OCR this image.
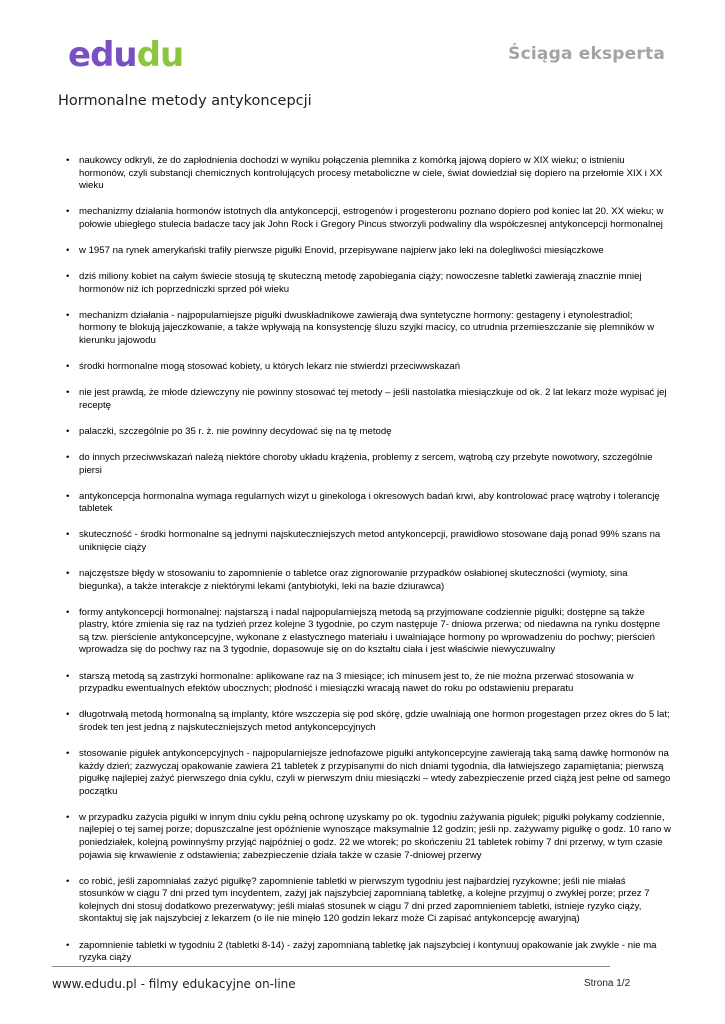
edudu	Ściąga eksperta
Hormonalne metody antykoncepcji
• naukowcy odkryli, że do zapłodnienia dochodzi w wyniku połączenia plemnika z komórką jajową dopiero w XIX wieku; o istnieniu hormonów, czyli substancji chemicznych kontrolujących procesy metaboliczne w ciele, świat dowiedział się dopiero na przełomie XIX i XX wieku
• mechanizmy działania hormonów istotnych dla antykoncepcji, estrogenów i progesteronu poznano dopiero pod koniec lat 20. XX wieku; w połowie ubiegłego stulecia badacze tacy jak John Rock i Gregory Pincus stworzyli podwaliny dla współczesnej antykoncepcji hormonalnej
• w 1957 na rynek amerykański trafiły pierwsze pigułki Enovid, przepisywane najpierw jako leki na dolegliwości miesiączkowe
• dziś miliony kobiet na całym świecie stosują tę skuteczną metodę zapobiegania ciąży; nowoczesne tabletki zawierają znacznie mniej hormonów niż ich poprzedniczki sprzed pół wieku
• mechanizm działania - najpopularniejsze pigułki dwuskładnikowe zawierają dwa syntetyczne hormony: gestageny i etynolestradiol; hormony te blokują jajeczkowanie, a także wpływają na konsystencję śluzu szyjki macicy, co utrudnia przemieszczanie się plemników w kierunku jajowodu
• środki hormonalne mogą stosować kobiety, u których lekarz nie stwierdzi przeciwwskazań
• nie jest prawdą, że młode dziewczyny nie powinny stosować tej metody – jeśli nastolatka miesiączkuje od ok. 2 lat lekarz może wypisać jej receptę
• palaczki, szczególnie po 35 r. ż. nie powinny decydować się na tę metodę
• do innych przeciwwskazań należą niektóre choroby układu krążenia, problemy z sercem, wątrobą czy przebyte nowotwory, szczególnie piersi
• antykoncepcja hormonalna wymaga regularnych wizyt u ginekologa i okresowych badań krwi, aby kontrolować pracę wątroby i tolerancję tabletek
• skuteczność - środki hormonalne są jednymi najskuteczniejszych metod antykoncepcji, prawidłowo stosowane dają ponad 99% szans na uniknięcie ciąży
• najczęstsze błędy w stosowaniu to zapomnienie o tabletce oraz zignorowanie przypadków osłabionej skuteczności (wymioty, sina biegunka), a także interakcje z niektórymi lekami (antybiotyki, leki na bazie dziurawca)
• formy antykoncepcji hormonalnej: najstarszą i nadal najpopularniejszą metodą są przyjmowane codziennie pigułki; dostępne są także plastry, które zmienia się raz na tydzień przez kolejne 3 tygodnie, po czym następuje 7- dniowa przerwa; od niedawna na rynku dostępne są tzw. pierścienie antykoncepcyjne, wykonane z elastycznego materiału i uwalniające hormony po wprowadzeniu do pochwy; pierścień wprowadza się do pochwy raz na 3 tygodnie, dopasowuje się on do kształtu ciała i jest właściwie niewyczuwalny
• starszą metodą są zastrzyki hormonalne: aplikowane raz na 3 miesiące; ich minusem jest to, że nie można przerwać stosowania w przypadku ewentualnych efektów ubocznych; płodność i miesiączki wracają nawet do roku po odstawieniu preparatu
• długotrwałą metodą hormonalną są implanty, które wszczepia się pod skórę, gdzie uwalniają one hormon progestagen przez okres do 5 lat; środek ten jest jedną z najskuteczniejszych metod antykoncepcyjnych
• stosowanie pigułek antykoncepcyjnych - najpopularniejsze jednofazowe pigułki antykoncepcyjne zawierają taką samą dawkę hormonów na każdy dzień; zazwyczaj opakowanie zawiera 21 tabletek z przypisanymi do nich dniami tygodnia, dla łatwiejszego zapamiętania; pierwszą pigułkę najlepiej zażyć pierwszego dnia cyklu, czyli w pierwszym dniu miesiączki – wtedy zabezpieczenie przed ciążą jest pełne od samego początku
• w przypadku zażycia pigułki w innym dniu cyklu pełną ochronę uzyskamy po ok. tygodniu zażywania pigułek; pigułki połykamy codziennie, najlepiej o tej samej porze; dopuszczalne jest opóźnienie wynoszące maksymalnie 12 godzin; jeśli np. zażywamy pigułkę o godz. 10 rano w poniedziałek, kolejną powinnyśmy przyjąć najpóźniej o godz. 22 we wtorek; po skończeniu 21 tabletek robimy 7 dni przerwy, w tym czasie pojawia się krwawienie z odstawienia; zabezpieczenie działa także w czasie 7-dniowej przerwy
• co robić, jeśli zapomniałaś zażyć pigułkę? zapomnienie tabletki w pierwszym tygodniu jest najbardziej ryzykowne; jeśli nie miałaś stosunków w ciągu 7 dni przed tym incydentem, zażyj jak najszybciej zapomnianą tabletkę, a kolejne przyjmuj o zwykłej porze; przez 7 kolejnych dni stosuj dodatkowo prezerwatywy; jeśli miałaś stosunek w ciągu 7 dni przed zapomnieniem tabletki, istnieje ryzyko ciąży, skontaktuj się jak najszybciej z lekarzem (o ile nie minęło 120 godzin lekarz może Ci zapisać antykoncepcję awaryjną)
• zapomnienie tabletki w tygodniu 2 (tabletki 8-14) - zażyj zapomnianą tabletkę jak najszybciej i kontynuuj opakowanie jak zwykle - nie ma ryzyka ciąży
www.edudu.pl - filmy edukacyjne on-line	Strona 1/2
